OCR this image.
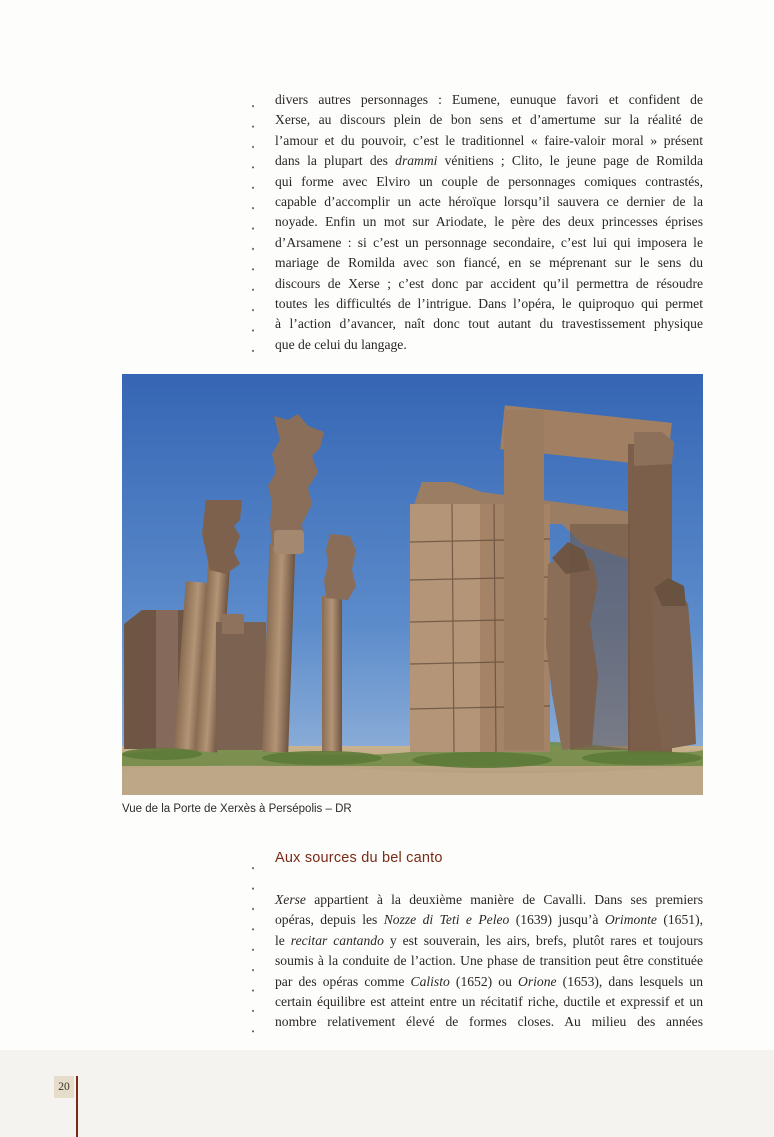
divers autres personnages : Eumene, eunuque favori et confident de
Xerse, au discours plein de bon sens et d’amertume sur la réalité de
l’amour et du pouvoir, c’est le traditionnel « faire-valoir moral » présent
dans la plupart des drammi vénitiens ; Clito, le jeune page de Romilda
qui forme avec Elviro un couple de personnages comiques contrastés,
capable d’accomplir un acte héroïque lorsqu’il sauvera ce dernier de la
noyade. Enfin un mot sur Ariodate, le père des deux princesses éprises
d’Arsamene : si c’est un personnage secondaire, c’est lui qui imposera le
mariage de Romilda avec son fiancé, en se méprenant sur le sens du
discours de Xerse ; c’est donc par accident qu’il permettra de résoudre
toutes les difficultés de l’intrigue. Dans l’opéra, le quiproquo qui permet
à l’action d’avancer, naît donc tout autant du travestissement physique
que de celui du langage.

Vue de la Porte de Xerxès à Persépolis – DR
Aux sources du bel canto

Xerse appartient à la deuxième manière de Cavalli. Dans ses premiers
opéras, depuis les Nozze di Teti e Peleo (1639) jusqu’à Orimonte (1651),
le recitar cantando y est souverain, les airs, brefs, plutôt rares et toujours
soumis à la conduite de l’action. Une phase de transition peut être constituée
par des opéras comme Calisto (1652) ou Orione (1653), dans lesquels un
certain équilibre est atteint entre un récitatif riche, ductile et expressif et un
nombre relativement élevé de formes closes. Au milieu des années

20
